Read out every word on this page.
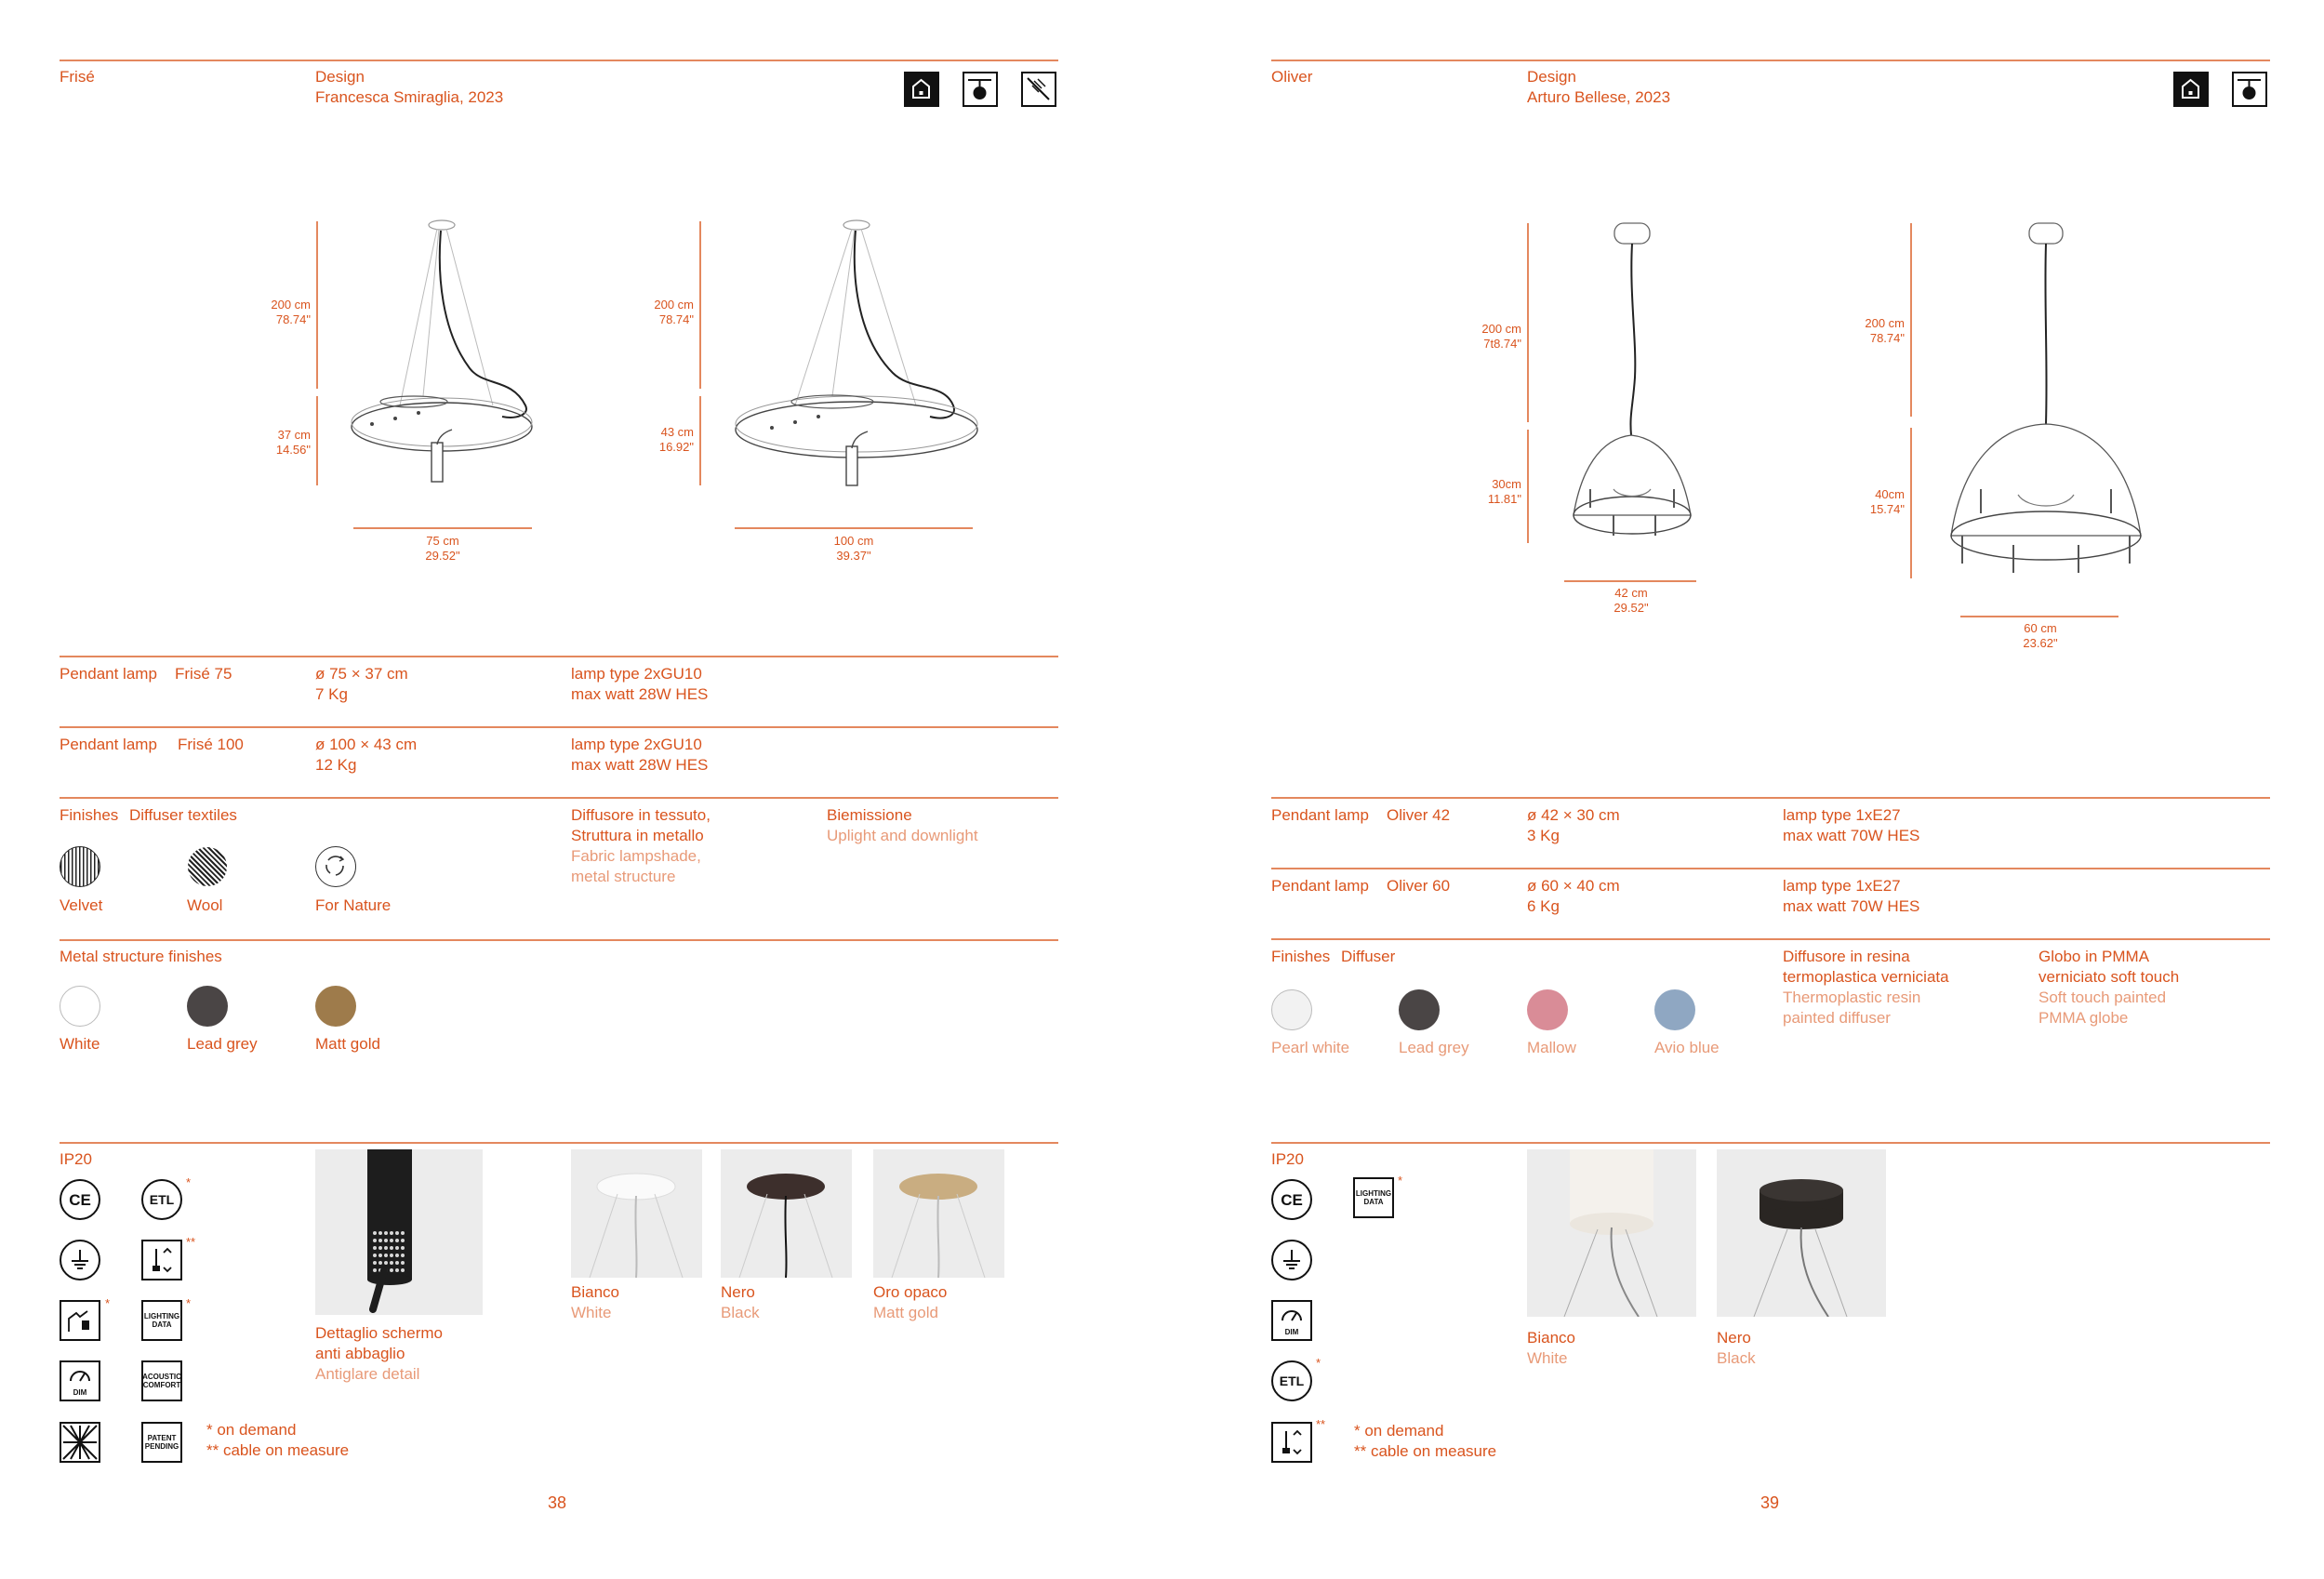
Frisé	Design
Francesca Smiraglia, 2023
200 cm
78.74"
37 cm
14.56"
75 cm
29.52"
200 cm
78.74"
43 cm
16.92"
100 cm
39.37"
Pendant lamp Frisé 75	ø 75 × 37 cm
7 Kg
lamp type 2xGU10
max watt 28W HES
Pendant lamp Frisé 100	ø 100 × 43 cm
12 Kg
lamp type 2xGU10
max watt 28W HES
Finishes Diffuser textiles	Diffusore in tessuto,
Struttura in metallo
Fabric lampshade,
metal structure
Biemissione
Uplight and downlight
Velvet	Wool	For Nature
Metal structure finishes
White	Lead grey	Matt gold
IP20
CE	ETL
*
**
*
LIGHTING DATA
*
DIM
ACOUSTIC COMFORT
PATENT PENDING
* on demand
** cable on measure
Dettaglio schermo
anti abbaglio
Antiglare detail
Bianco
White
Nero
Black
Oro opaco
Matt gold
38
Oliver	Design
Arturo Bellese, 2023
200 cm
7t8.74"
30cm
11.81"
42 cm
29.52"
200 cm
78.74"
40cm
15.74"
60 cm
23.62"
Pendant lamp Oliver 42	ø 42 × 30 cm
3 Kg
lamp type 1xE27
max watt 70W HES
Pendant lamp Oliver 60	ø 60 × 40 cm
6 Kg
lamp type 1xE27
max watt 70W HES
Finishes Diffuser	Diffusore in resina
termoplastica verniciata
Thermoplastic resin
painted diffuser
Globo in PMMA
verniciato soft touch
Soft touch painted
PMMA globe
Pearl white	Lead grey	Mallow	Avio blue
IP20
CE	LIGHTING DATA
*
DIM
ETL
*
** * on demand
** cable on measure
Bianco
White
Nero
Black
39
